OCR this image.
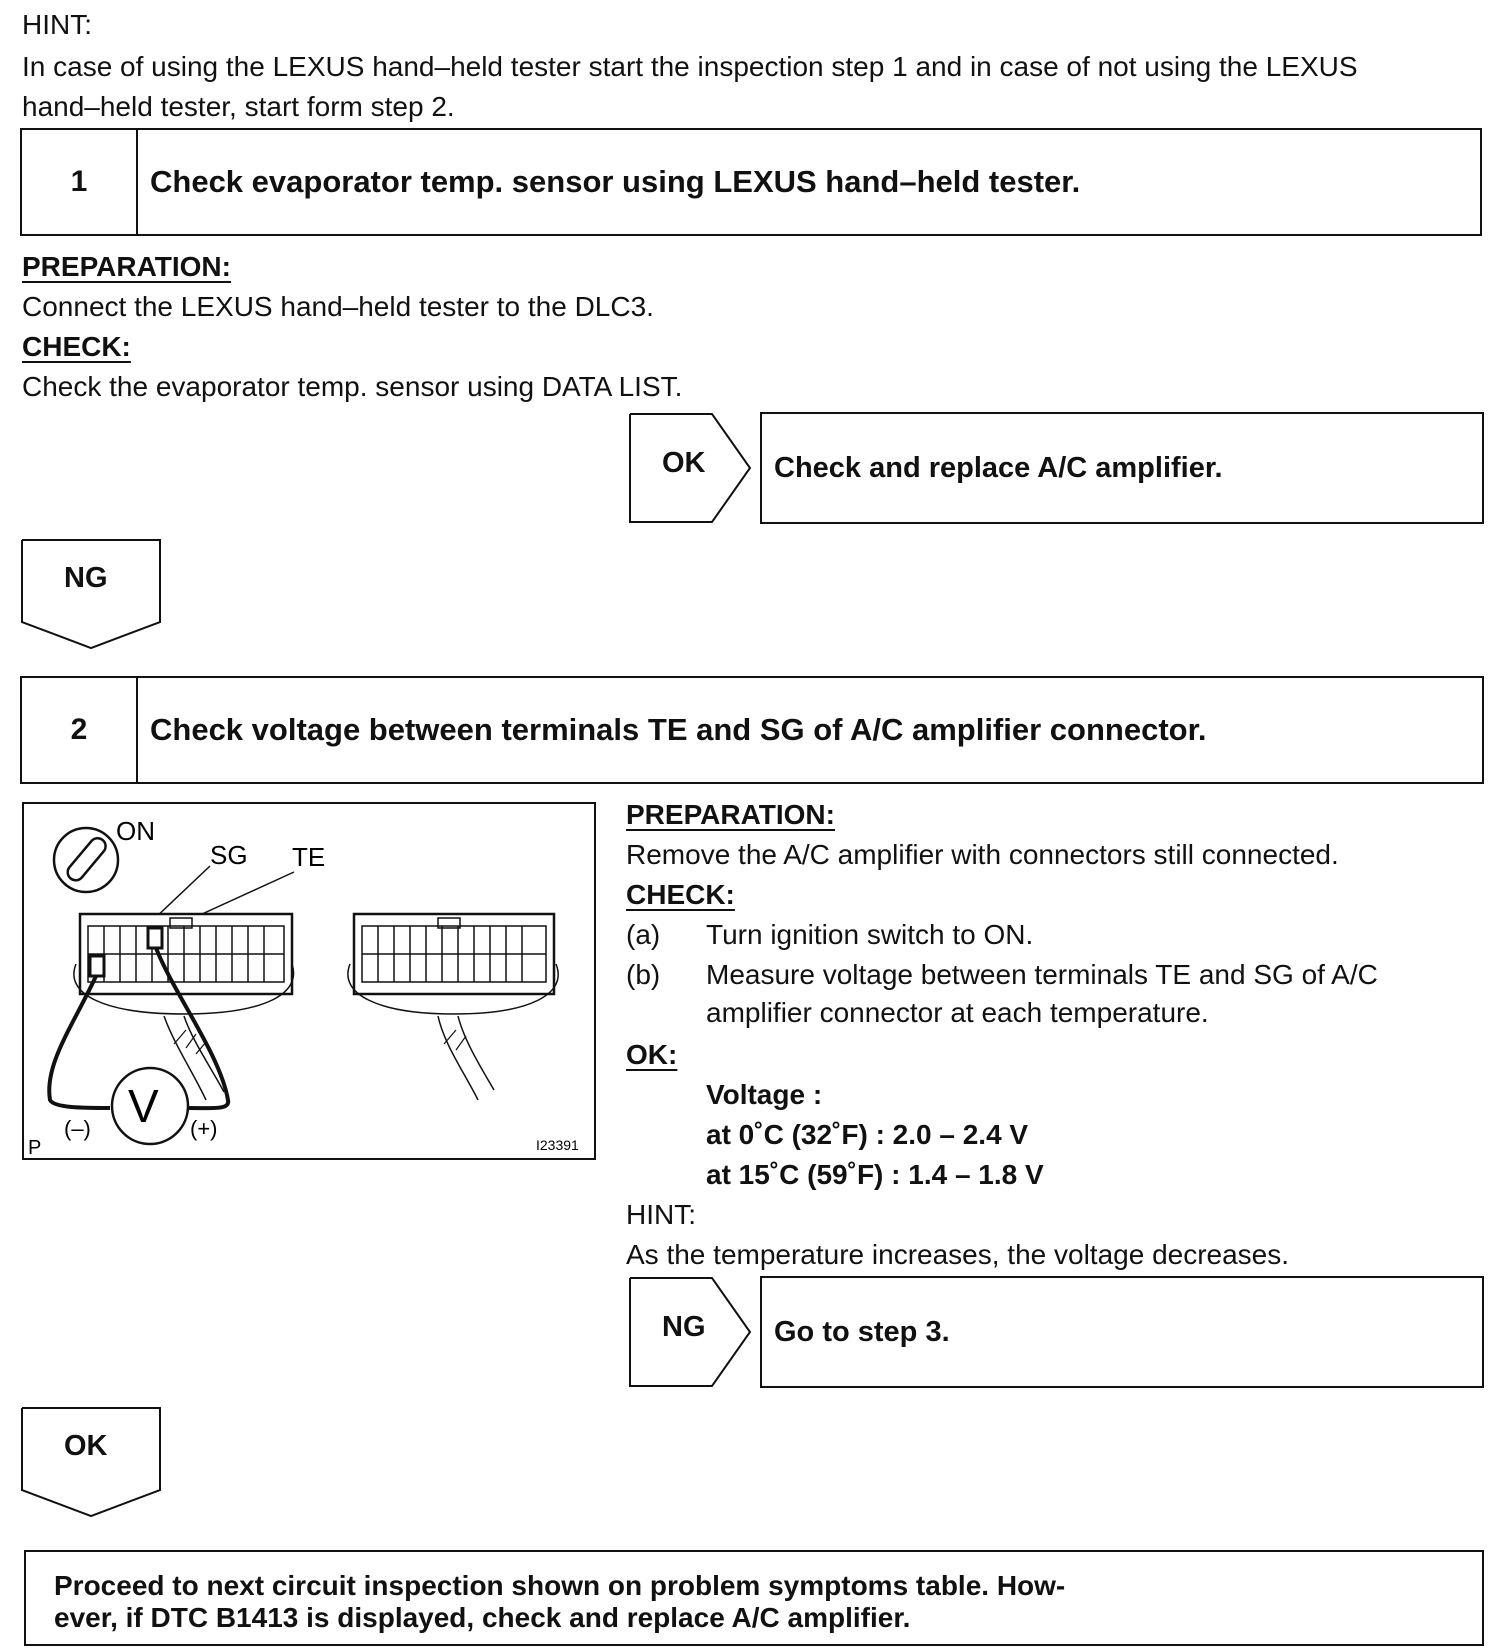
HINT:
In case of using the LEXUS hand–held tester start the inspection step 1 and in case of not using the LEXUS
hand–held tester, start form step 2.
1	Check evaporator temp. sensor using LEXUS hand–held tester.
PREPARATION:
Connect the LEXUS hand–held tester to the DLC3.
CHECK:
Check the evaporator temp. sensor using DATA LIST.
OK	Check and replace A/C amplifier.
NG
2	Check voltage between terminals TE and SG of A/C amplifier connector.
ON
SG TE
V
(–)	(+)
P	I23391
PREPARATION:
Remove the A/C amplifier with connectors still connected.
CHECK:
(a) Turn ignition switch to ON.
(b) Measure voltage between terminals TE and SG of A/C
amplifier connector at each temperature.
OK:
Voltage :
at 0˚C (32˚F) : 2.0 – 2.4 V
at 15˚C (59˚F) : 1.4 – 1.8 V
HINT:
As the temperature increases, the voltage decreases.
NG	Go to step 3.
OK
Proceed to next circuit inspection shown on problem symptoms table. How-
ever, if DTC B1413 is displayed, check and replace A/C amplifier.
